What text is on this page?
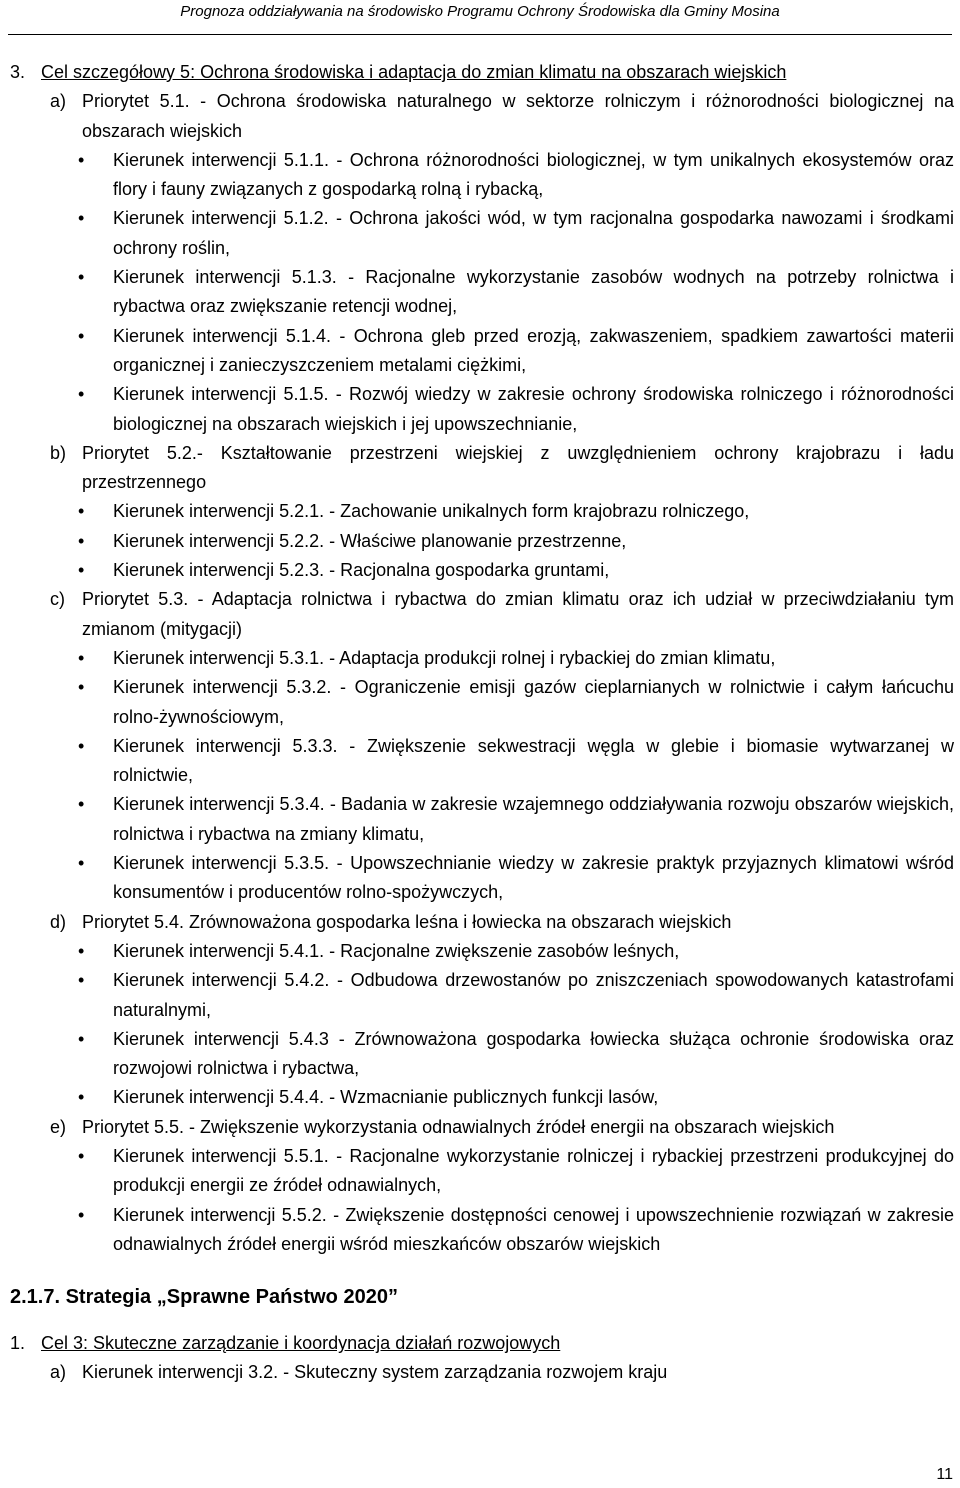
Prognoza oddziaływania na środowisko Programu Ochrony Środowiska dla Gminy Mosina
3. Cel szczegółowy 5: Ochrona środowiska i adaptacja do zmian klimatu na obszarach wiejskich
a) Priorytet 5.1. - Ochrona środowiska naturalnego w sektorze rolniczym i różnorodności biologicznej na obszarach wiejskich
• Kierunek interwencji 5.1.1. - Ochrona różnorodności biologicznej, w tym unikalnych ekosystemów oraz flory i fauny związanych z gospodarką rolną i rybacką,
• Kierunek interwencji 5.1.2. - Ochrona jakości wód, w tym racjonalna gospodarka nawozami i środkami ochrony roślin,
• Kierunek interwencji 5.1.3. - Racjonalne wykorzystanie zasobów wodnych na potrzeby rolnictwa i rybactwa oraz zwiększanie retencji wodnej,
• Kierunek interwencji 5.1.4. - Ochrona gleb przed erozją, zakwaszeniem, spadkiem zawartości materii organicznej i zanieczyszczeniem metalami ciężkimi,
• Kierunek interwencji 5.1.5. - Rozwój wiedzy w zakresie ochrony środowiska rolniczego i różnorodności biologicznej na obszarach wiejskich i jej upowszechnianie,
b) Priorytet 5.2.- Kształtowanie przestrzeni wiejskiej z uwzględnieniem ochrony krajobrazu i ładu przestrzennego
• Kierunek interwencji 5.2.1. - Zachowanie unikalnych form krajobrazu rolniczego,
• Kierunek interwencji 5.2.2. - Właściwe planowanie przestrzenne,
• Kierunek interwencji 5.2.3. - Racjonalna gospodarka gruntami,
c) Priorytet 5.3. - Adaptacja rolnictwa i rybactwa do zmian klimatu oraz ich udział w przeciwdziałaniu tym zmianom (mitygacji)
• Kierunek interwencji 5.3.1. - Adaptacja produkcji rolnej i rybackiej do zmian klimatu,
• Kierunek interwencji 5.3.2. - Ograniczenie emisji gazów cieplarnianych w rolnictwie i całym łańcuchu rolno-żywnościowym,
• Kierunek interwencji 5.3.3. - Zwiększenie sekwestracji węgla w glebie i biomasie wytwarzanej w rolnictwie,
• Kierunek interwencji 5.3.4. - Badania w zakresie wzajemnego oddziaływania rozwoju obszarów wiejskich, rolnictwa i rybactwa na zmiany klimatu,
• Kierunek interwencji 5.3.5. - Upowszechnianie wiedzy w zakresie praktyk przyjaznych klimatowi wśród konsumentów i producentów rolno-spożywczych,
d) Priorytet 5.4. Zrównoważona gospodarka leśna i łowiecka na obszarach wiejskich
• Kierunek interwencji 5.4.1. - Racjonalne zwiększenie zasobów leśnych,
• Kierunek interwencji 5.4.2. - Odbudowa drzewostanów po zniszczeniach spowodowanych katastrofami naturalnymi,
• Kierunek interwencji 5.4.3 - Zrównoważona gospodarka łowiecka służąca ochronie środowiska oraz rozwojowi rolnictwa i rybactwa,
• Kierunek interwencji 5.4.4. - Wzmacnianie publicznych funkcji lasów,
e) Priorytet 5.5. - Zwiększenie wykorzystania odnawialnych źródeł energii na obszarach wiejskich
• Kierunek interwencji 5.5.1. - Racjonalne wykorzystanie rolniczej i rybackiej przestrzeni produkcyjnej do produkcji energii ze źródeł odnawialnych,
• Kierunek interwencji 5.5.2. - Zwiększenie dostępności cenowej i upowszechnienie rozwiązań w zakresie odnawialnych źródeł energii wśród mieszkańców obszarów wiejskich
2.1.7. Strategia „Sprawne Państwo 2020”
1. Cel 3: Skuteczne zarządzanie i koordynacja działań rozwojowych
a) Kierunek interwencji 3.2. - Skuteczny system zarządzania rozwojem kraju
11
